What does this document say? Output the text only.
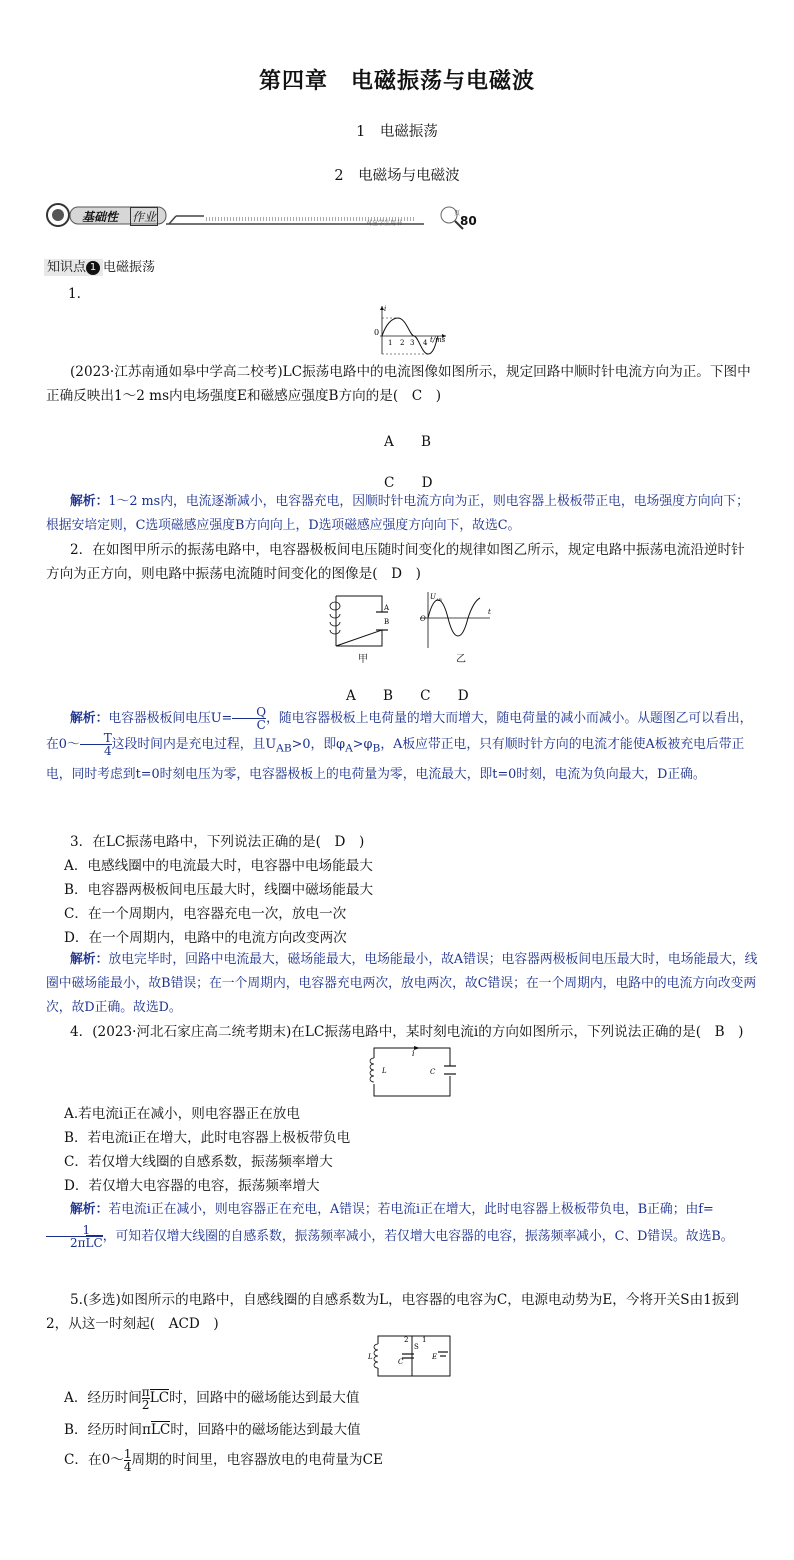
第四章　电磁振荡与电磁波
1　电磁振荡
2　电磁场与电磁波
基础性 作业	对应学生用书
页
80
知识点 1 电磁振荡
1.
i
0
1 2 3 4 t/ms
(2023·江苏南通如皋中学高二校考)LC振荡电路中的电流图像如图所示，规定回路中顺时针电流方向为正。下图中正确反映出1～2 ms内电场强度E和磁感应强度B方向的是(　C　)
A　　B
C　　D
解析：1～2 ms内，电流逐渐减小，电容器充电，因顺时针电流方向为正，则电容器上极板带正电，电场强度方向向下；根据安培定则，C选项磁感应强度B方向向上，D选项磁感应强度方向向下，故选C。
2．在如图甲所示的振荡电路中，电容器极板间电压随时间变化的规律如图乙所示，规定电路中振荡电流沿逆时针方向为正方向，则电路中振荡电流随时间变化的图像是(　D　)
A
B
U AB
O
t
甲	乙
A　　B　　C　　D
解析：电容器极板间电压$U= \frac{Q}{C}$ ，随电容器极板上电荷量的增大而增大，随电荷量的减小而减小。从题图乙可以看出，在0～ $\frac{T}{4}$ 这段时间内是充电过程，且$U_{AB}>0$，即$\varphi_A>\varphi_B$，A板应带正电，只有顺时针方向的电流才能使A板被充电后带正电，同时考虑到t=0时刻电压为零，电容器极板上的电荷量为零，电流最大，即t=0时刻，电流为负向最大，D正确。
3．在LC振荡电路中，下列说法正确的是(　D　)
A．电感线圈中的电流最大时，电容器中电场能最大
B．电容器两极板间电压最大时，线圈中磁场能最大
C．在一个周期内，电容器充电一次，放电一次
D．在一个周期内，电路中的电流方向改变两次
解析：放电完毕时，回路中电流最大，磁场能最大，电场能最小，故A错误；电容器两极板间电压最大时，电场能最大，线圈中磁场能最小，故B错误；在一个周期内，电容器充电两次，放电两次，故C错误；在一个周期内，电路中的电流方向改变两次，故D正确。故选D。
4．(2023·河北石家庄高二统考期末)在LC振荡电路中，某时刻电流i的方向如图所示，下列说法正确的是(　B　)
i
L	C
A.若电流i正在减小，则电容器正在放电
B．若电流i正在增大，此时电容器上极板带负电
C．若仅增大线圈的自感系数，振荡频率增大
D．若仅增大电容器的电容，振荡频率增大
解析：若电流i正在减小，则电容器正在充电，A错误；若电流i正在增大，此时电容器上极板带负电，B正确；由f=
$\frac{1}{\text{2πLC}}$ ，可知若仅增大线圈的自感系数，振荡频率减小，若仅增大电容器的电容，振荡频率减小，C、D错误。故选B。
5.(多选)如图所示的电路中，自感线圈的自感系数为L，电容器的电容为C，电源电动势为E，今将开关S由1扳到2，从这一时刻起(　ACD　)
L
C
S
2 1
E
A．经历时间 $\frac{\pi}{2}$ LC时，回路中的磁场能达到最大值
B．经历时间πLC时，回路中的磁场能达到最大值
C．在0～ $\frac{1}{4}$ 周期的时间里，电容器放电的电荷量为CE
